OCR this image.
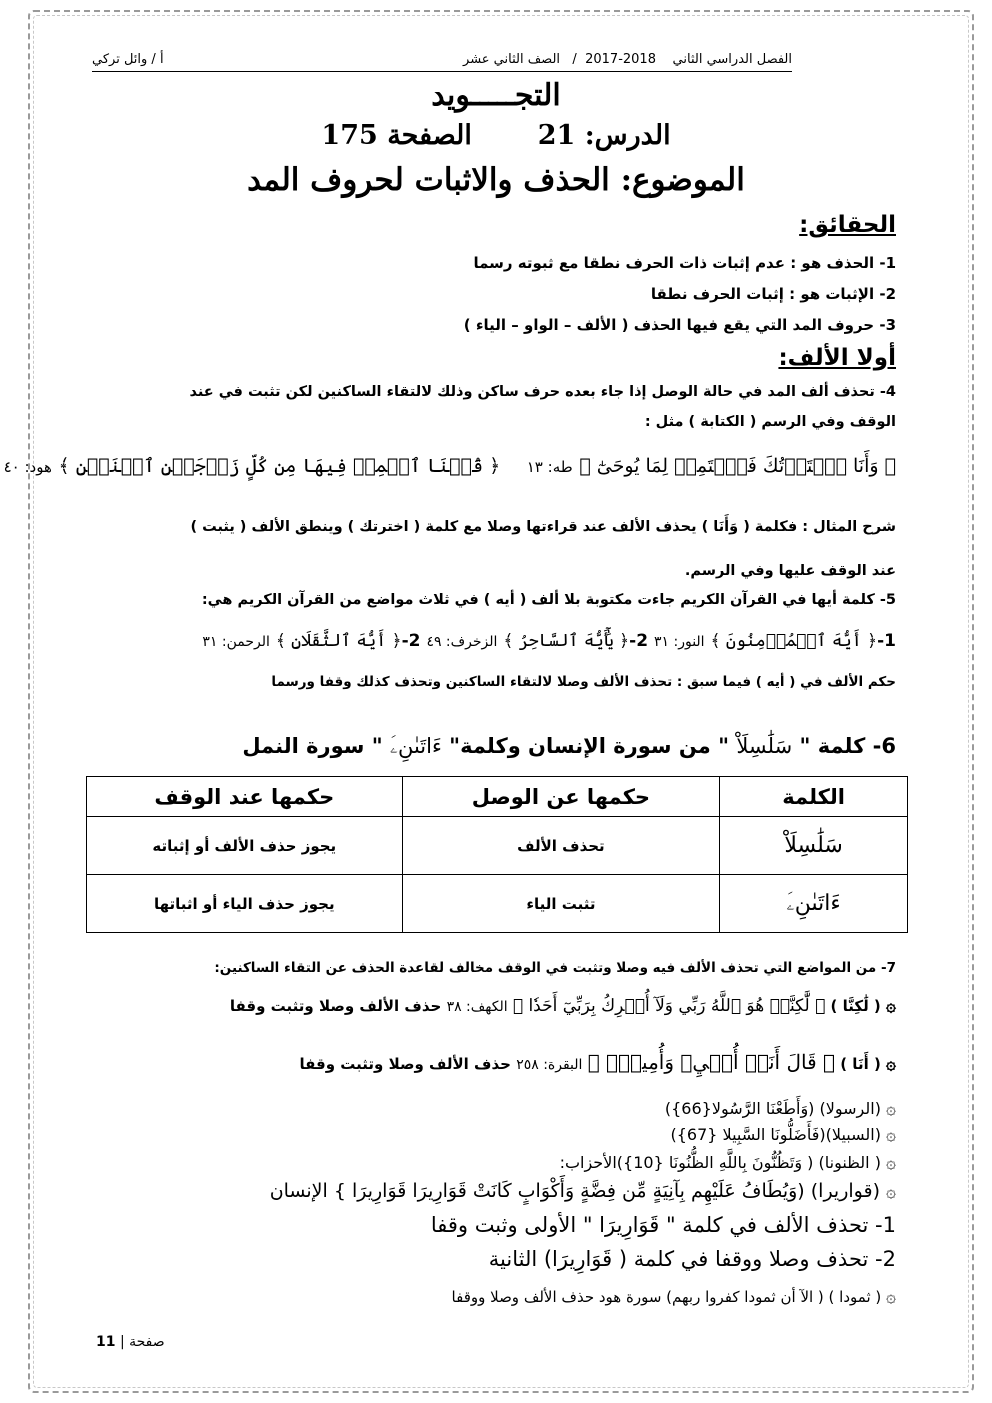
الفصل الدراسي الثاني    2018-2017  /   الصف الثاني عشر
أ / وائل تركي
التجـــــويد
الدرس: 21       الصفحة 175
الموضوع: الحذف والاثبات لحروف المد
الحقائق:
1- الحذف هو : عدم إثبات ذات الحرف نطقا مع ثبوته رسما
2- الإثبات هو : إثبات الحرف نطقا
3- حروف المد التي يقع فيها الحذف ( الألف – الواو – الياء )
أولا الألف:
4- تحذف ألف المد في حالة الوصل إذا جاء بعده حرف ساكن وذلك لالتقاء الساكنين لكن تثبت في عند
الوقف وفي الرسم ( الكتابة ) مثل :
﴿ وَأَنَا ٱخۡتَرۡتُكَ فَٱسۡتَمِعۡ لِمَا يُوحَىٰٓ ﴾ طه: ١٣    ﴿ قُلۡنَا ٱحۡمِلۡ فِيهَا مِن كُلٍّ زَوۡجَيۡنِ ٱثۡنَيۡنِ ﴾ هود: ٤٠
شرح المثال : فكلمة ( وَأَنَا ) يحذف الألف عند قراءتها وصلا مع كلمة ( اخترتك ) وينطق الألف ( يثبت )
عند الوقف عليها وفي الرسم.
5- كلمة أيها في القرآن الكريم جاءت مكتوبة بلا ألف ( أيه ) في ثلاث مواضع من القرآن الكريم هي:
1-﴿ أَيُّهَ ٱلۡمُؤۡمِنُونَ ﴾ النور: ٣١ 2-﴿ يَٰٓأَيُّهَ ٱلسَّاحِرُ ﴾ الزخرف: ٤٩ 2-﴿ أَيُّهَ ٱلثَّقَلَانِ ﴾ الرحمن: ٣١
حكم الألف في ( أيه ) فيما سبق : تحذف الألف وصلا لالتقاء الساكنين وتحذف كذلك وقفا ورسما
6- كلمة " سَلَٰسِلَاْ " من سورة الإنسان وكلمة" ءَاتَىٰنِۦَ " سورة النمل
الكلمة	حكمها عن الوصل	حكمها عند الوقف
سَلَٰسِلَاْ	تحذف الألف	يجوز حذف الألف أو إثباته
ءَاتَىٰنِۦَ	تثبت الياء	يجوز حذف الياء أو اثباتها
7- من المواضع التي تحذف الألف فيه وصلا وتثبت في الوقف مخالف لقاعدة الحذف عن التقاء الساكنين:
۞ ( لَٰكِنَّا ) ﴿ لَّٰكِنَّا۠ هُوَ ٱللَّهُ رَبِّي وَلَآ أُشۡرِكُ بِرَبِّيٓ أَحَدٗا ﴾ الكهف: ٣٨ حذف الألف وصلا وتثبت وقفا
۞ ( أَنَا ) ﴿ قَالَ أَنَا۠ أُحۡيِۦ وَأُمِيتُۖ ﴾ البقرة: ٢٥٨ حذف الألف وصلا وتثبت وقفا
۞ (الرسولا) (وَأَطَعْنَا الرَّسُولا{66})
۞ (السبيلا)(فَأَضَلُّونَا السَّبِيلا {67})
۞ ( الظنونا) ( وَتَظُنُّونَ بِاللَّهِ الظُّنُونَا {10})الأحزاب:
۞ (قواريرا) (وَيُطَافُ عَلَيْهِم بِآنِيَةٍ مِّن فِضَّةٍ وَأَكْوَابٍ كَانَتْ قَوَارِيرَا قَوَارِيرَا } الإنسان
1- تحذف الألف في كلمة " قَوَارِيرَا " الأولى وثبت وقفا
2- تحذف وصلا ووقفا في كلمة ( قَوَارِيرَا) الثانية
۞ ( ثمودا ) ( الآ أن ثمودا كفروا ربهم) سورة هود حذف الألف وصلا ووقفا
صفحة | 11
